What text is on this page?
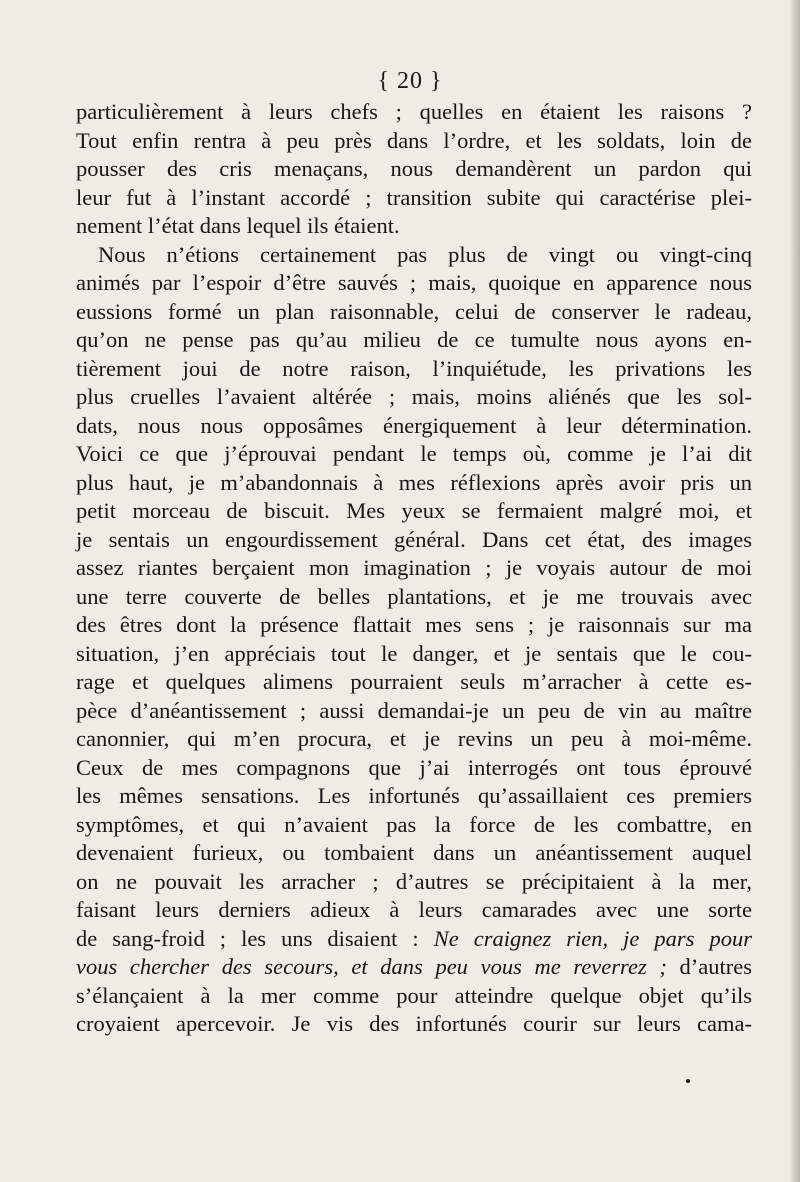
{ 20 }
particulièrement à leurs chefs ; quelles en étaient les raisons ?
Tout enfin rentra à peu près dans l’ordre, et les soldats, loin de
pousser des cris menaçans, nous demandèrent un pardon qui
leur fut à l’instant accordé ; transition subite qui caractérise plei-
nement l’état dans lequel ils étaient.
Nous n’étions certainement pas plus de vingt ou vingt-cinq
animés par l’espoir d’être sauvés ; mais, quoique en apparence nous
eussions formé un plan raisonnable, celui de conserver le radeau,
qu’on ne pense pas qu’au milieu de ce tumulte nous ayons en-
tièrement joui de notre raison, l’inquiétude, les privations les
plus cruelles l’avaient altérée ; mais, moins aliénés que les sol-
dats, nous nous opposâmes énergiquement à leur détermination.
Voici ce que j’éprouvai pendant le temps où, comme je l’ai dit
plus haut, je m’abandonnais à mes réflexions après avoir pris un
petit morceau de biscuit. Mes yeux se fermaient malgré moi, et
je sentais un engourdissement général. Dans cet état, des images
assez riantes berçaient mon imagination ; je voyais autour de moi
une terre couverte de belles plantations, et je me trouvais avec
des êtres dont la présence flattait mes sens ; je raisonnais sur ma
situation, j’en appréciais tout le danger, et je sentais que le cou-
rage et quelques alimens pourraient seuls m’arracher à cette es-
pèce d’anéantissement ; aussi demandai-je un peu de vin au maître
canonnier, qui m’en procura, et je revins un peu à moi-même.
Ceux de mes compagnons que j’ai interrogés ont tous éprouvé
les mêmes sensations. Les infortunés qu’assaillaient ces premiers
symptômes, et qui n’avaient pas la force de les combattre, en
devenaient furieux, ou tombaient dans un anéantissement auquel
on ne pouvait les arracher ; d’autres se précipitaient à la mer,
faisant leurs derniers adieux à leurs camarades avec une sorte
de sang-froid ; les uns disaient : Ne craignez rien, je pars pour
vous chercher des secours, et dans peu vous me reverrez ; d’autres
s’élançaient à la mer comme pour atteindre quelque objet qu’ils
croyaient apercevoir. Je vis des infortunés courir sur leurs cama-
